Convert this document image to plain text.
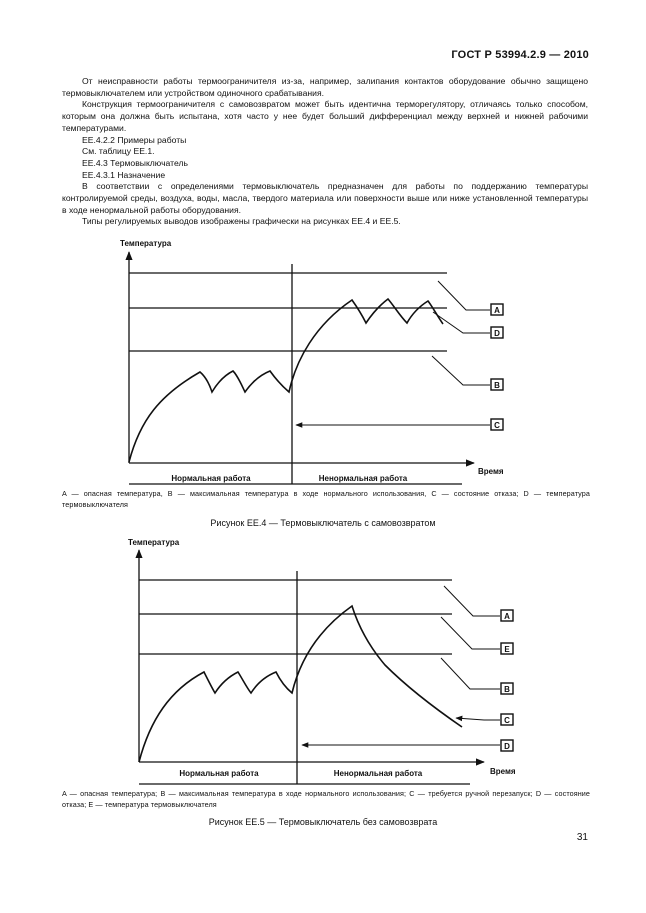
ГОСТ Р 53994.2.9 — 2010

От неисправности работы термоограничителя из-за, например, залипания контактов оборудование обычно защищено термовыключателем или устройством одиночного срабатывания.

Конструкция термоограничителя с самовозвратом может быть идентична терморегулятору, отличаясь только способом, которым она должна быть испытана, хотя часто у нее будет больший дифференциал между верхней и нижней рабочими температурами.

ЕЕ.4.2.2 Примеры работы

См. таблицу ЕЕ.1.

ЕЕ.4.3 Термовыключатель

ЕЕ.4.3.1 Назначение

В соответствии с определениями термовыключатель предназначен для работы по поддержанию температуры контролируемой среды, воздуха, воды, масла, твердого материала или поверхности выше или ниже установленной температуры в ходе ненормальной работы оборудования.

Типы регулируемых выводов изображены графически на рисунках ЕЕ.4 и ЕЕ.5.

A
D
B
C
Температура
Время
Нормальная работа	Ненормальная работа
A — опасная температура, B — максимальная температура в ходе нормального использования, C — состояние отказа; D — температура термовыключателя
Рисунок ЕЕ.4 — Термовыключатель с самовозвратом
A
E
B
C
D
Температура
Время
Нормальная работа	Ненормальная работа
A — опасная температура; B — максимальная температура в ходе нормального использования; C — требуется ручной перезапуск; D — состояние отказа; E — температура термовыключателя
Рисунок ЕЕ.5 — Термовыключатель без самовозврата
31
